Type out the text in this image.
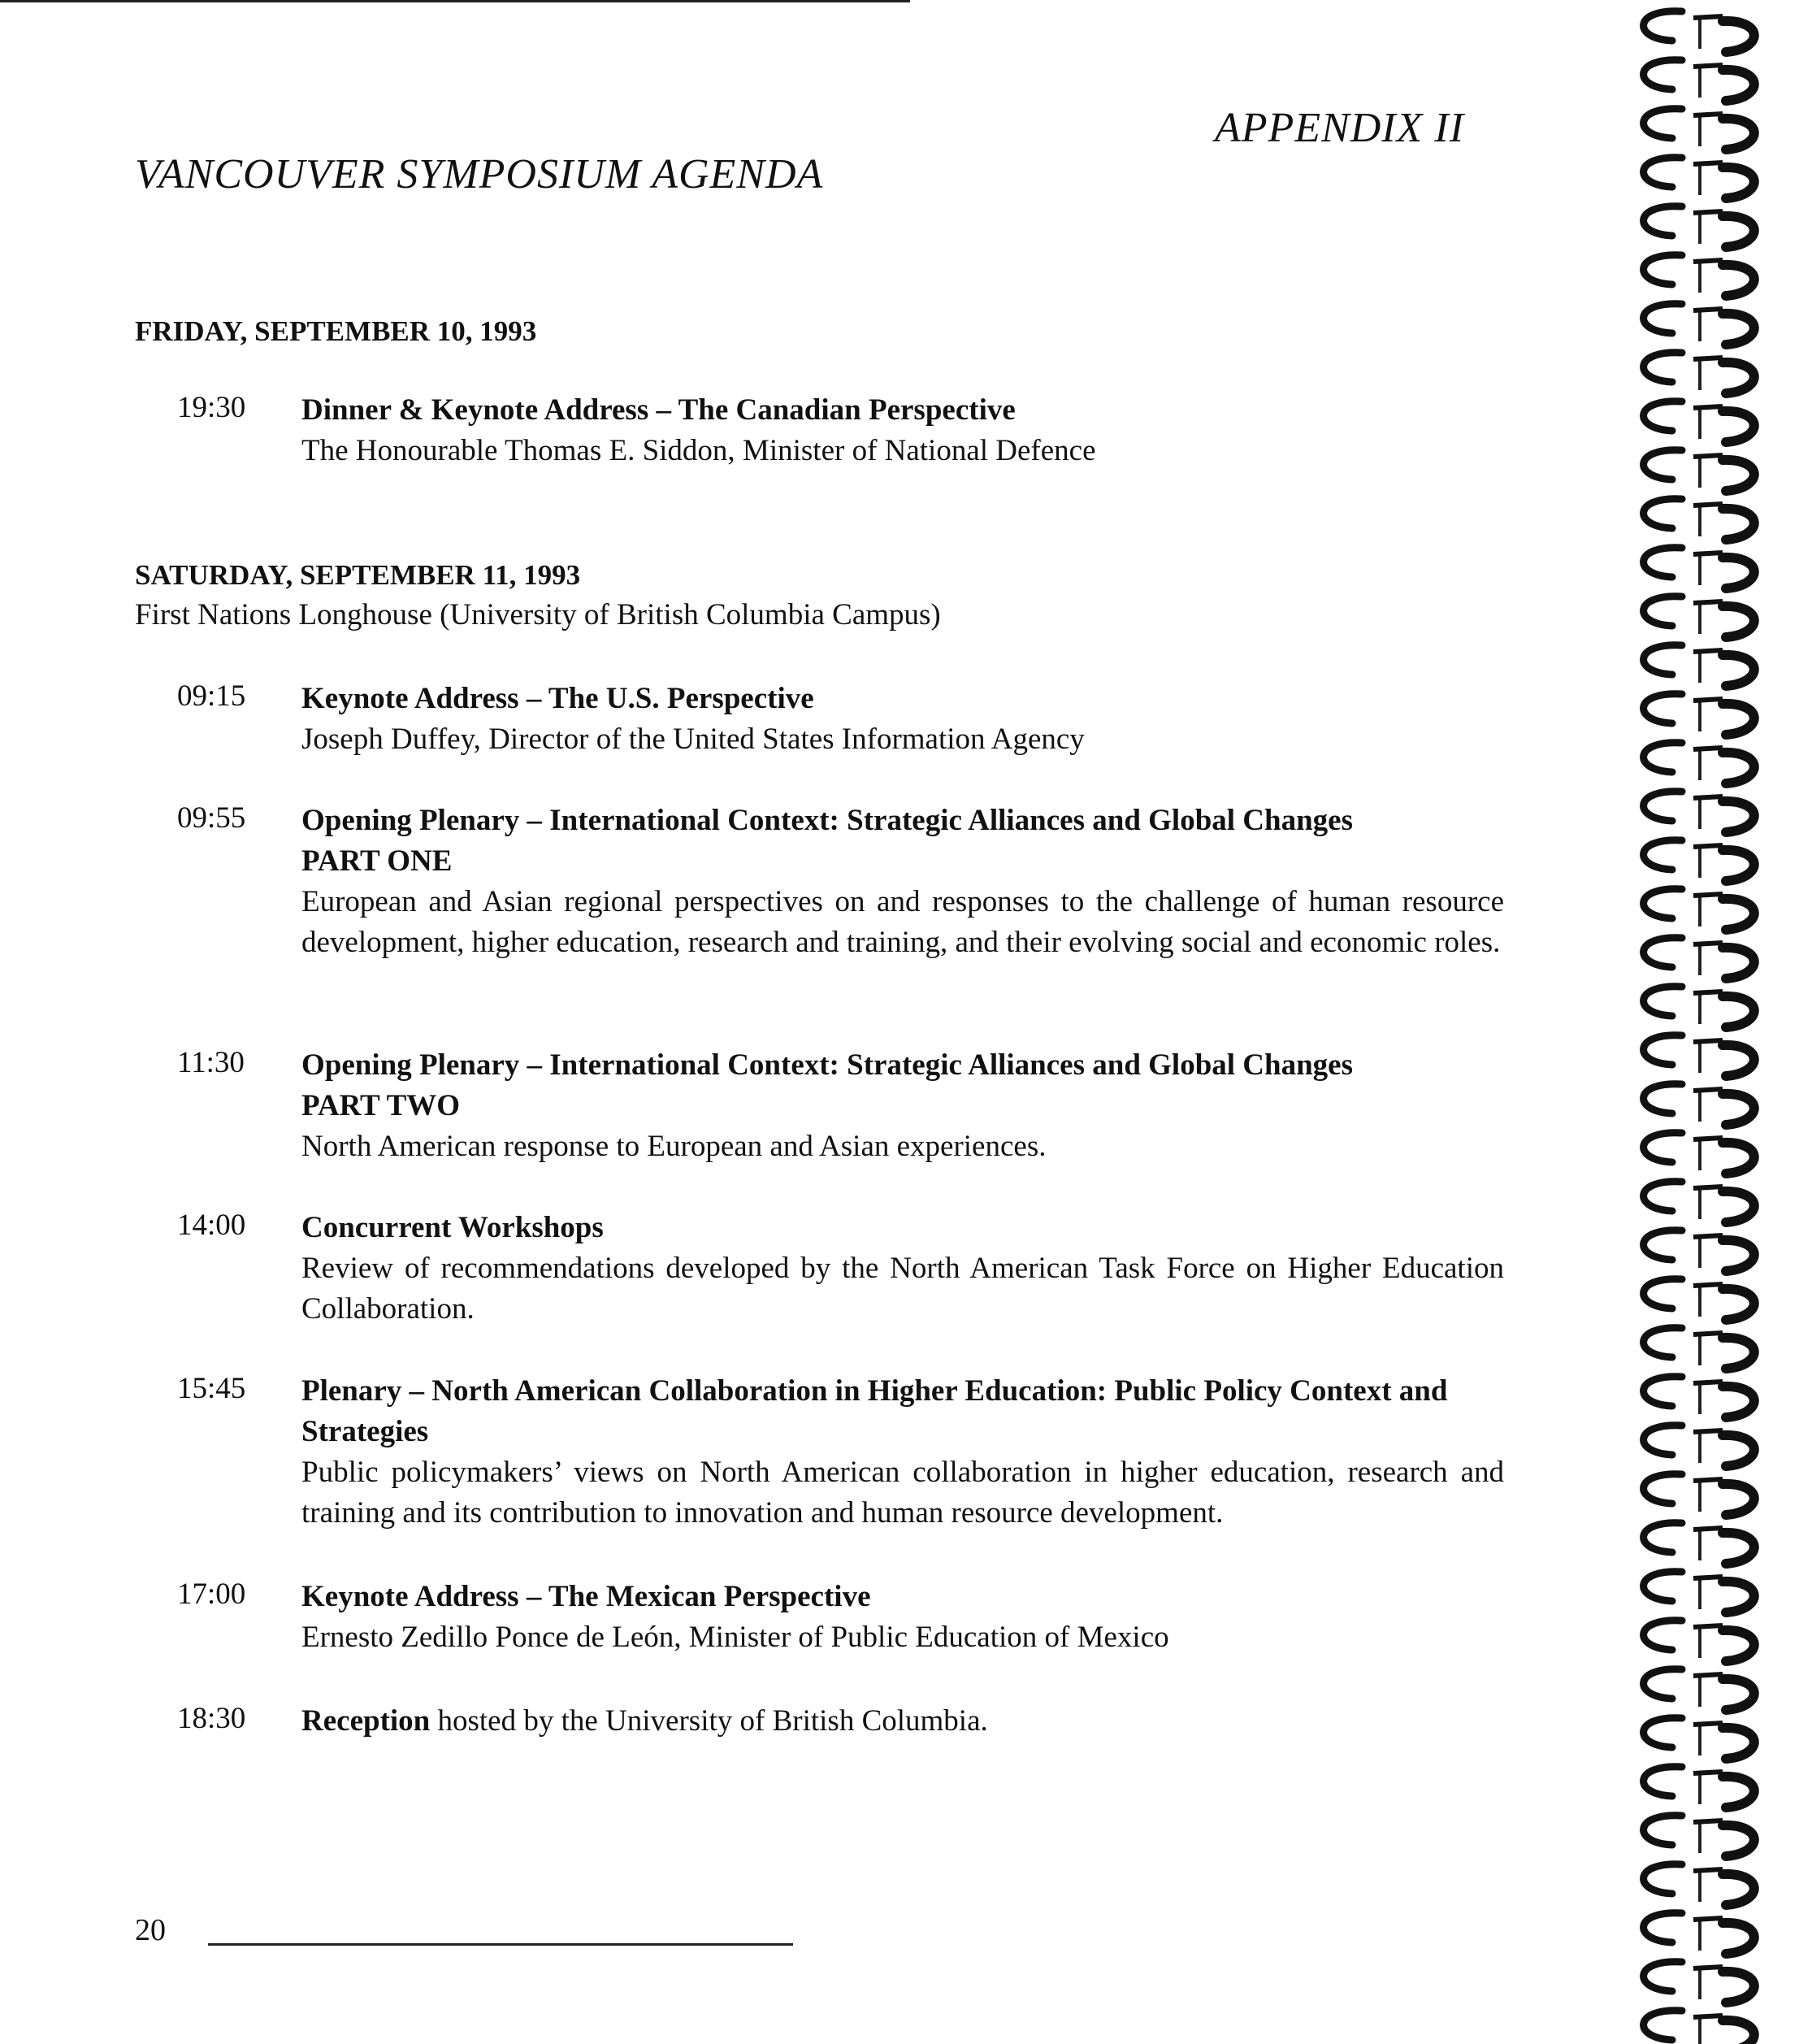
APPENDIX II
VANCOUVER SYMPOSIUM AGENDA
FRIDAY, SEPTEMBER 10, 1993
19:30 Dinner & Keynote Address – The Canadian Perspective
The Honourable Thomas E. Siddon, Minister of National Defence
SATURDAY, SEPTEMBER 11, 1993
First Nations Longhouse (University of British Columbia Campus)
09:15 Keynote Address – The U.S. Perspective
Joseph Duffey, Director of the United States Information Agency
09:55 Opening Plenary – International Context: Strategic Alliances and Global Changes
PART ONE
European and Asian regional perspectives on and responses to the challenge of human resource development, higher education, research and training, and their evolving social and economic roles.
11:30 Opening Plenary – International Context: Strategic Alliances and Global Changes
PART TWO
North American response to European and Asian experiences.
14:00 Concurrent Workshops
Review of recommendations developed by the North American Task Force on Higher Education Collaboration.
15:45 Plenary – North American Collaboration in Higher Education: Public Policy Context and Strategies
Public policymakers’ views on North American collaboration in higher education, research and training and its contribution to innovation and human resource development.
17:00 Keynote Address – The Mexican Perspective
Ernesto Zedillo Ponce de León, Minister of Public Education of Mexico
18:30 Reception hosted by the University of British Columbia.
20
